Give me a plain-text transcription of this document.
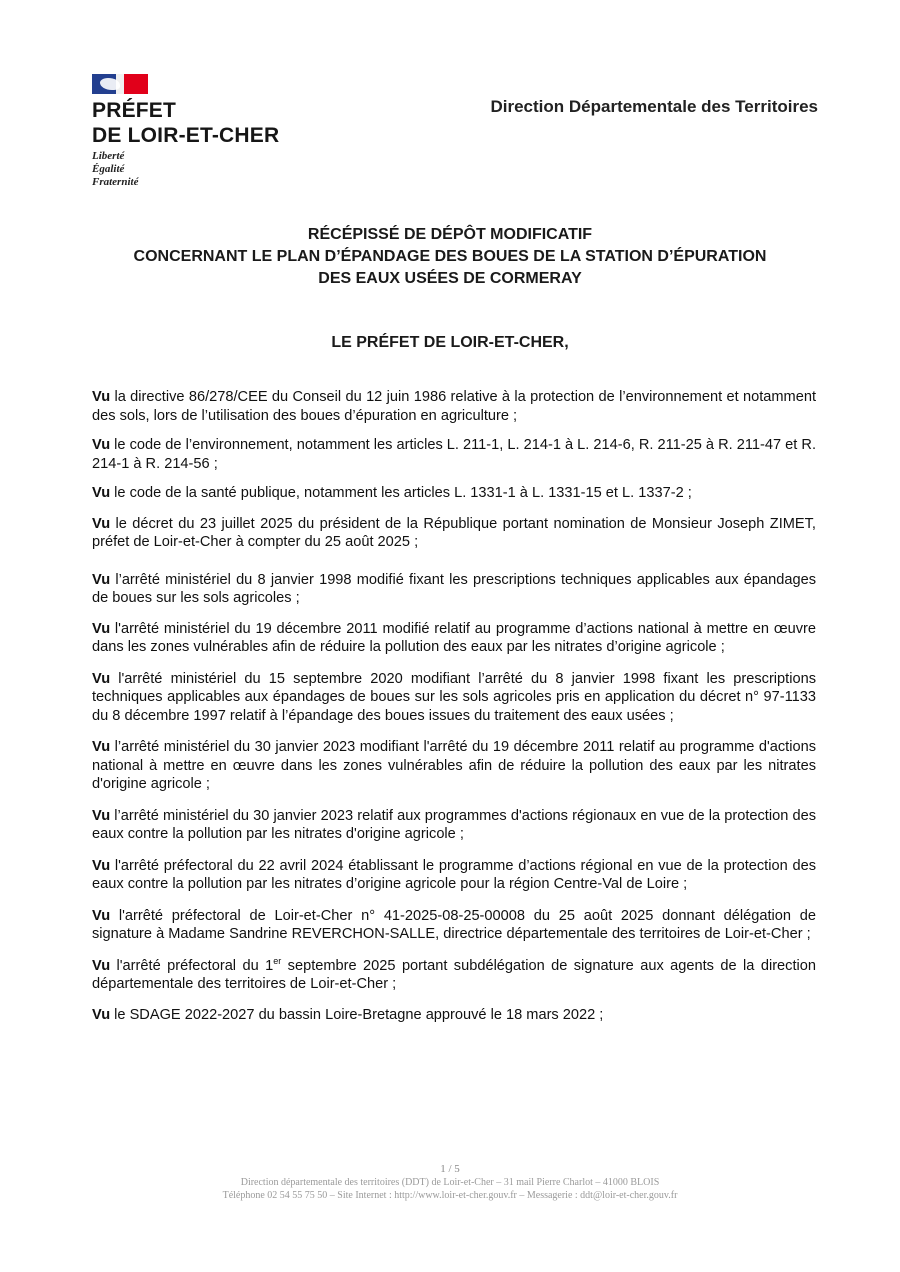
PRÉFET
DE LOIR-ET-CHER
Liberté
Égalité
Fraternité
Direction Départementale des Territoires
RÉCÉPISSÉ DE DÉPÔT MODIFICATIF
CONCERNANT LE PLAN D’ÉPANDAGE DES BOUES DE LA STATION D’ÉPURATION
DES EAUX USÉES DE CORMERAY
LE PRÉFET DE LOIR-ET-CHER,

Vu la directive 86/278/CEE du Conseil du 12 juin 1986 relative à la protection de l’environnement et notamment des sols, lors de l’utilisation des boues d’épuration en agriculture ;

Vu le code de l’environnement, notamment les articles L. 211-1, L. 214-1 à L. 214-6, R. 211-25 à R. 211-47 et R. 214-1 à R. 214-56 ;

Vu le code de la santé publique, notamment les articles L. 1331-1 à L. 1331-15 et L. 1337-2 ;

Vu le décret du 23 juillet 2025 du président de la République portant nomination de Monsieur Joseph ZIMET, préfet de Loir-et-Cher à compter du 25 août 2025 ;

Vu l’arrêté ministériel du 8 janvier 1998 modifié fixant les prescriptions techniques applicables aux épandages de boues sur les sols agricoles ;

Vu l'arrêté ministériel du 19 décembre 2011 modifié relatif au programme d’actions national à mettre en œuvre dans les zones vulnérables afin de réduire la pollution des eaux par les nitrates d’origine agricole ;

Vu l'arrêté ministériel du 15 septembre 2020 modifiant l’arrêté du 8 janvier 1998 fixant les prescriptions techniques applicables aux épandages de boues sur les sols agricoles pris en application du décret n° 97-1133 du 8 décembre 1997 relatif à l’épandage des boues issues du traitement des eaux usées ;

Vu l’arrêté ministériel du 30 janvier 2023 modifiant l'arrêté du 19 décembre 2011 relatif au programme d'actions national à mettre en œuvre dans les zones vulnérables afin de réduire la pollution des eaux par les nitrates d'origine agricole ;

Vu l’arrêté ministériel du 30 janvier 2023 relatif aux programmes d'actions régionaux en vue de la protection des eaux contre la pollution par les nitrates d'origine agricole ;

Vu l'arrêté préfectoral du 22 avril 2024 établissant le programme d’actions régional en vue de la protection des eaux contre la pollution par les nitrates d’origine agricole pour la région Centre-Val de Loire ;

Vu l'arrêté préfectoral de Loir-et-Cher n° 41-2025-08-25-00008 du 25 août 2025 donnant délégation de signature à Madame Sandrine REVERCHON-SALLE, directrice départementale des territoires de Loir-et-Cher ;

Vu l'arrêté préfectoral du 1er septembre 2025 portant subdélégation de signature aux agents de la direction départementale des territoires de Loir-et-Cher ;

Vu le SDAGE 2022-2027 du bassin Loire-Bretagne approuvé le 18 mars 2022 ;

1 / 5
Direction départementale des territoires (DDT) de Loir-et-Cher – 31 mail Pierre Charlot – 41000 BLOIS
Téléphone 02 54 55 75 50 – Site Internet : http://www.loir-et-cher.gouv.fr – Messagerie : ddt@loir-et-cher.gouv.fr
